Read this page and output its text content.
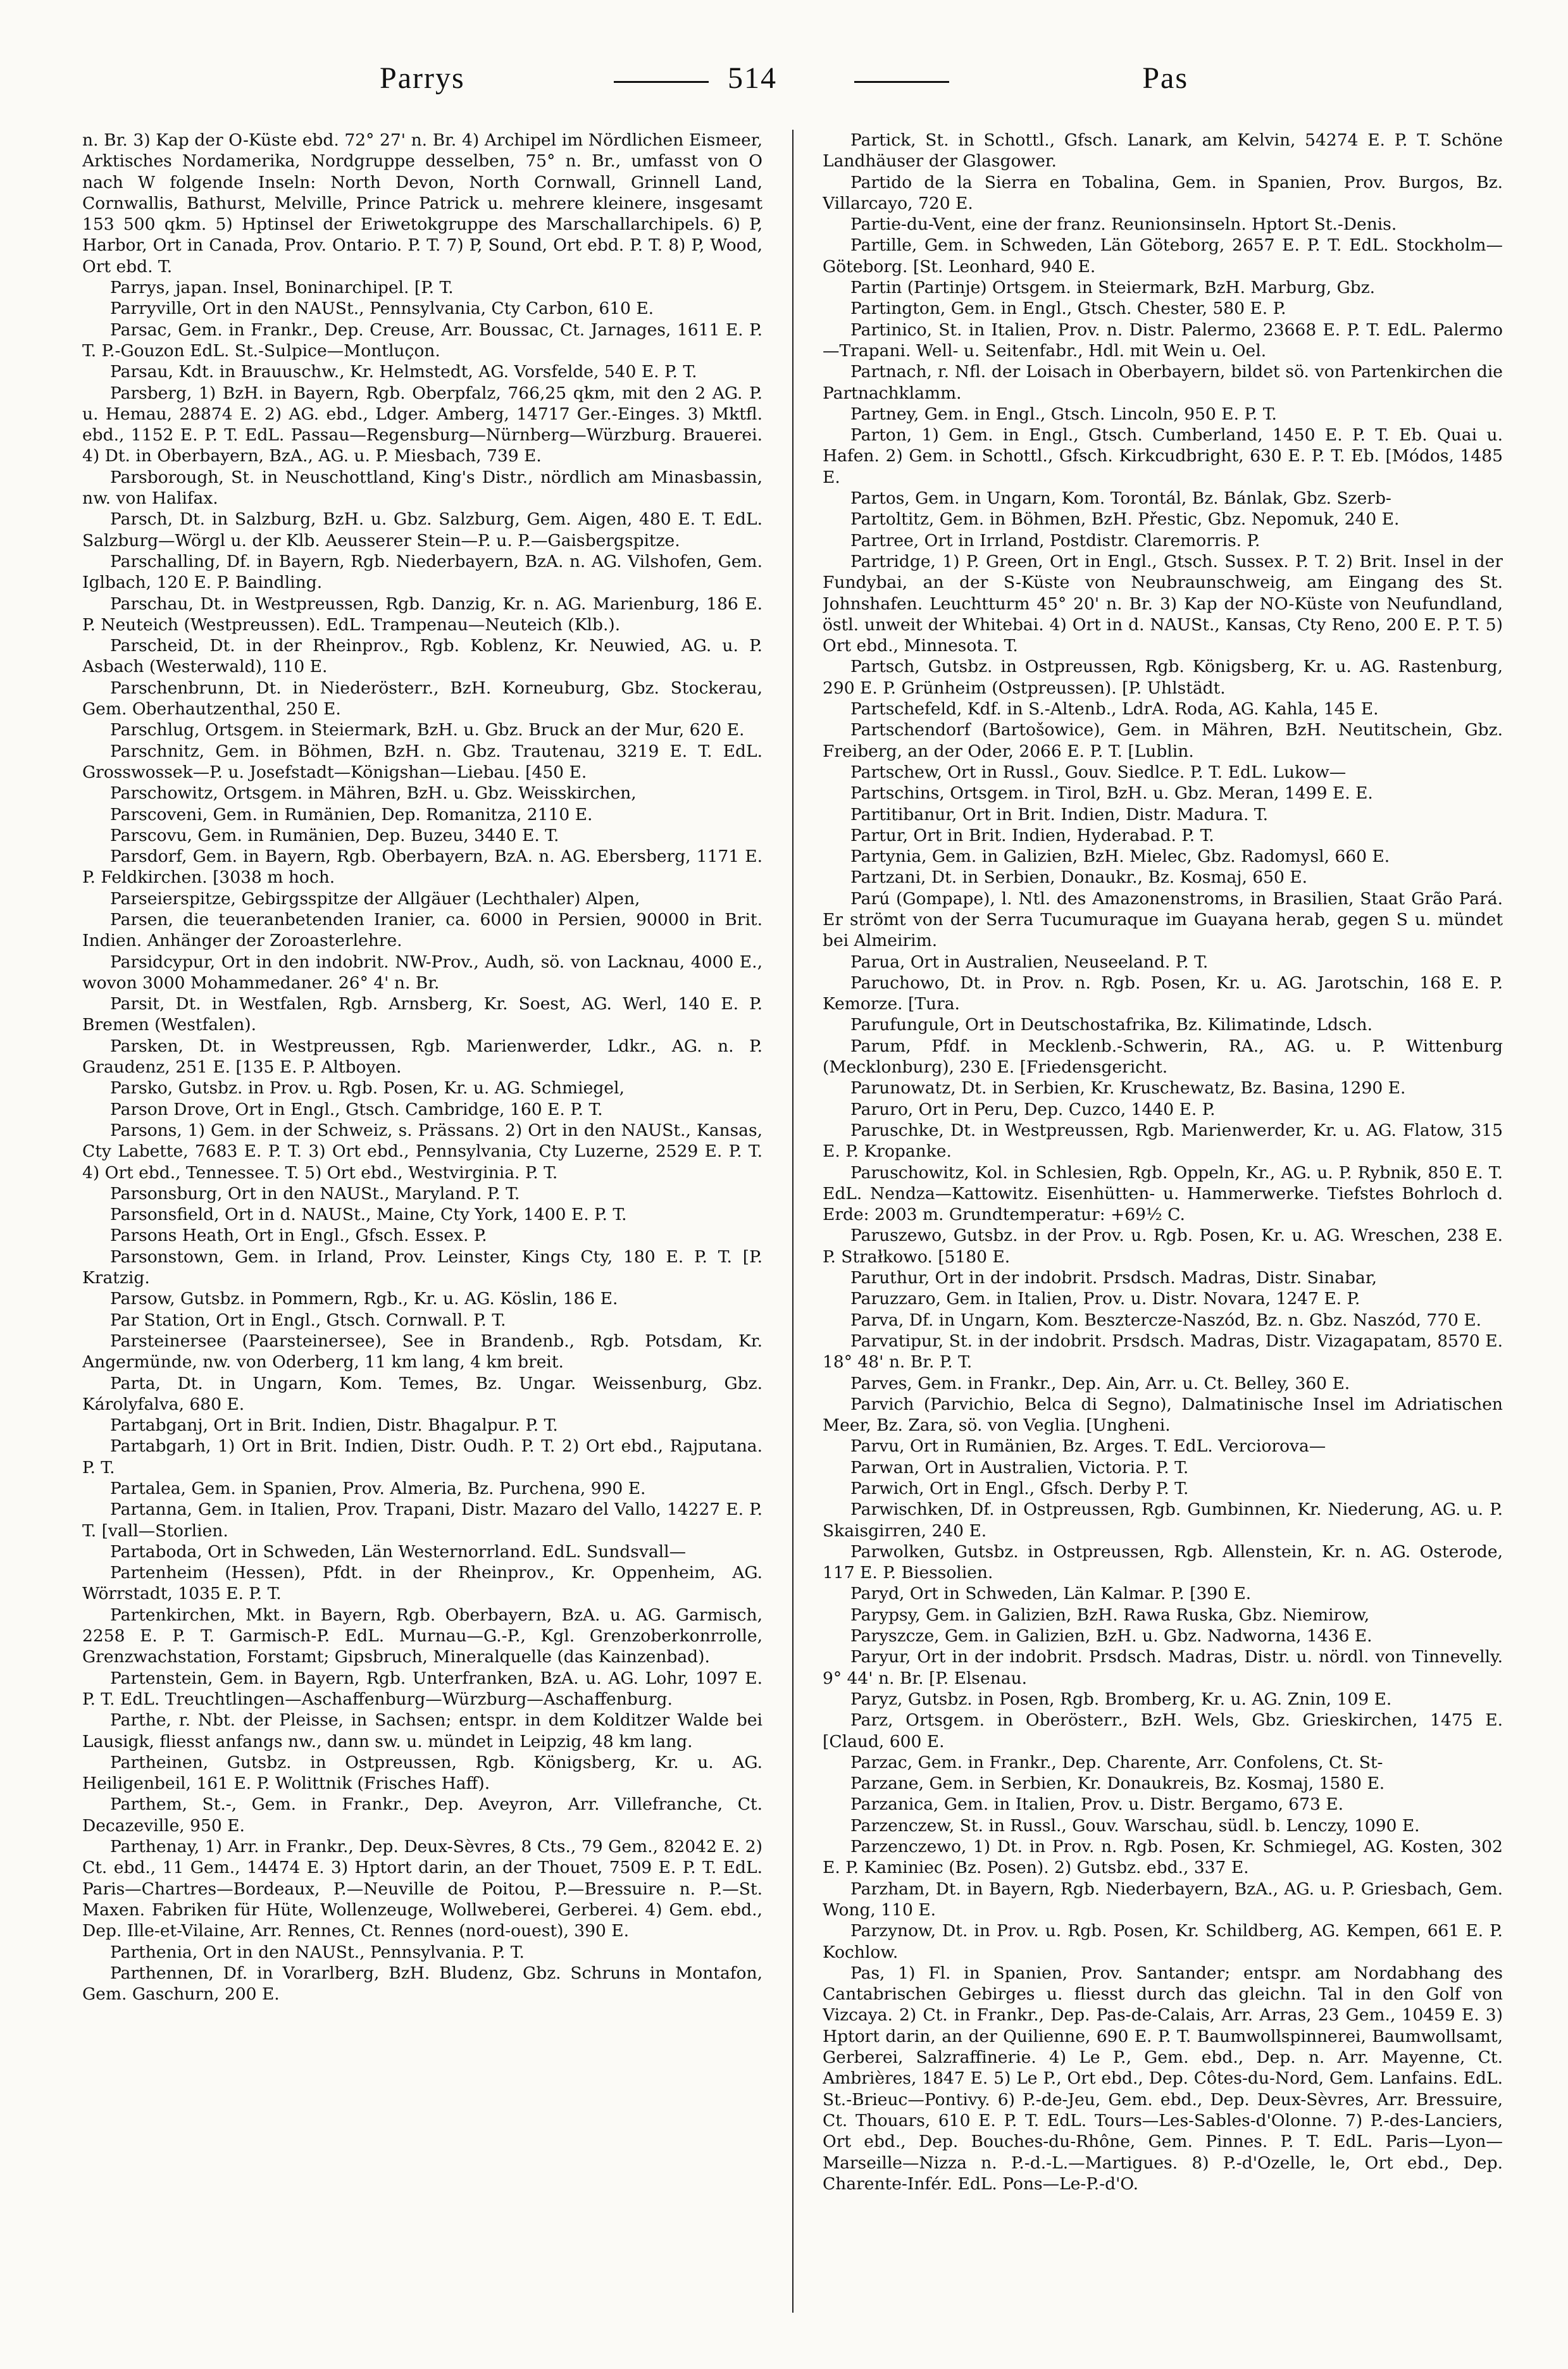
Parrys	514	Pas

n. Br. 3) Kap der O-Küste ebd. 72° 27' n. Br. 4) Archipel im Nördlichen Eismeer, Arktisches Nordamerika, Nordgruppe desselben, 75° n. Br., umfasst von O nach W folgende Inseln: North Devon, North Cornwall, Grinnell Land, Cornwallis, Bathurst, Melville, Prince Patrick u. mehrere kleinere, insgesamt 153 500 qkm. 5) Hptinsel der Eriwetokgruppe des Marschallarchipels. 6) P, Harbor, Ort in Canada, Prov. Ontario. P. T. 7) P, Sound, Ort ebd. P. T. 8) P, Wood, Ort ebd. T.

Parrys, japan. Insel, Boninarchipel. [P. T.

Parryville, Ort in den NAUSt., Pennsylvania, Cty Carbon, 610 E.

Parsac, Gem. in Frankr., Dep. Creuse, Arr. Boussac, Ct. Jarnages, 1611 E. P. T. P.-Gouzon EdL. St.-Sulpice—Montluçon.

Parsau, Kdt. in Brauuschw., Kr. Helmstedt, AG. Vorsfelde, 540 E. P. T.

Parsberg, 1) BzH. in Bayern, Rgb. Oberpfalz, 766,25 qkm, mit den 2 AG. P. u. Hemau, 28874 E. 2) AG. ebd., Ldger. Amberg, 14717 Ger.-Einges. 3) Mktfl. ebd., 1152 E. P. T. EdL. Passau—Regensburg—Nürnberg—Würzburg. Brauerei. 4) Dt. in Oberbayern, BzA., AG. u. P. Miesbach, 739 E.

Parsborough, St. in Neuschottland, King's Distr., nördlich am Minasbassin, nw. von Halifax.

Parsch, Dt. in Salzburg, BzH. u. Gbz. Salzburg, Gem. Aigen, 480 E. T. EdL. Salzburg—Wörgl u. der Klb. Aeusserer Stein—P. u. P.—Gaisbergspitze.

Parschalling, Df. in Bayern, Rgb. Niederbayern, BzA. n. AG. Vilshofen, Gem. Iglbach, 120 E. P. Baindling.

Parschau, Dt. in Westpreussen, Rgb. Danzig, Kr. n. AG. Marienburg, 186 E. P. Neuteich (Westpreussen). EdL. Trampenau—Neuteich (Klb.).

Parscheid, Dt. in der Rheinprov., Rgb. Koblenz, Kr. Neuwied, AG. u. P. Asbach (Westerwald), 110 E.

Parschenbrunn, Dt. in Niederösterr., BzH. Korneuburg, Gbz. Stockerau, Gem. Oberhautzenthal, 250 E.

Parschlug, Ortsgem. in Steiermark, BzH. u. Gbz. Bruck an der Mur, 620 E.

Parschnitz, Gem. in Böhmen, BzH. n. Gbz. Trautenau, 3219 E. T. EdL. Grosswossek—P. u. Josefstadt—Königshan—Liebau. [450 E.

Parschowitz, Ortsgem. in Mähren, BzH. u. Gbz. Weisskirchen,

Parscoveni, Gem. in Rumänien, Dep. Romanitza, 2110 E.

Parscovu, Gem. in Rumänien, Dep. Buzeu, 3440 E. T.

Parsdorf, Gem. in Bayern, Rgb. Oberbayern, BzA. n. AG. Ebersberg, 1171 E. P. Feldkirchen. [3038 m hoch.

Parseierspitze, Gebirgsspitze der Allgäuer (Lechthaler) Alpen,

Parsen, die teueranbetenden Iranier, ca. 6000 in Persien, 90000 in Brit. Indien. Anhänger der Zoroasterlehre.

Parsidcypur, Ort in den indobrit. NW-Prov., Audh, sö. von Lacknau, 4000 E., wovon 3000 Mohammedaner. 26° 4' n. Br.

Parsit, Dt. in Westfalen, Rgb. Arnsberg, Kr. Soest, AG. Werl, 140 E. P. Bremen (Westfalen).

Parsken, Dt. in Westpreussen, Rgb. Marienwerder, Ldkr., AG. n. P. Graudenz, 251 E. [135 E. P. Altboyen.

Parsko, Gutsbz. in Prov. u. Rgb. Posen, Kr. u. AG. Schmiegel,

Parson Drove, Ort in Engl., Gtsch. Cambridge, 160 E. P. T.

Parsons, 1) Gem. in der Schweiz, s. Prässans. 2) Ort in den NAUSt., Kansas, Cty Labette, 7683 E. P. T. 3) Ort ebd., Pennsylvania, Cty Luzerne, 2529 E. P. T. 4) Ort ebd., Tennessee. T. 5) Ort ebd., Westvirginia. P. T.

Parsonsburg, Ort in den NAUSt., Maryland. P. T.

Parsonsfield, Ort in d. NAUSt., Maine, Cty York, 1400 E. P. T.

Parsons Heath, Ort in Engl., Gfsch. Essex. P.

Parsonstown, Gem. in Irland, Prov. Leinster, Kings Cty, 180 E. P. T. [P. Kratzig.

Parsow, Gutsbz. in Pommern, Rgb., Kr. u. AG. Köslin, 186 E.

Par Station, Ort in Engl., Gtsch. Cornwall. P. T.

Parsteinersee (Paarsteinersee), See in Brandenb., Rgb. Potsdam, Kr. Angermünde, nw. von Oderberg, 11 km lang, 4 km breit.

Parta, Dt. in Ungarn, Kom. Temes, Bz. Ungar. Weissenburg, Gbz. Károlyfalva, 680 E.

Partabganj, Ort in Brit. Indien, Distr. Bhagalpur. P. T.

Partabgarh, 1) Ort in Brit. Indien, Distr. Oudh. P. T. 2) Ort ebd., Rajputana. P. T.

Partalea, Gem. in Spanien, Prov. Almeria, Bz. Purchena, 990 E.

Partanna, Gem. in Italien, Prov. Trapani, Distr. Mazaro del Vallo, 14227 E. P. T. [vall—Storlien.

Partaboda, Ort in Schweden, Län Westernorrland. EdL. Sundsvall—

Partenheim (Hessen), Pfdt. in der Rheinprov., Kr. Oppenheim, AG. Wörrstadt, 1035 E. P. T.

Partenkirchen, Mkt. in Bayern, Rgb. Oberbayern, BzA. u. AG. Garmisch, 2258 E. P. T. Garmisch-P. EdL. Murnau—G.-P., Kgl. Grenzoberkonrrolle, Grenzwachstation, Forstamt; Gipsbruch, Mineralquelle (das Kainzenbad).

Partenstein, Gem. in Bayern, Rgb. Unterfranken, BzA. u. AG. Lohr, 1097 E. P. T. EdL. Treuchtlingen—Aschaffenburg—Würzburg—Aschaffenburg.

Parthe, r. Nbt. der Pleisse, in Sachsen; entspr. in dem Kolditzer Walde bei Lausigk, fliesst anfangs nw., dann sw. u. mündet in Leipzig, 48 km lang.

Partheinen, Gutsbz. in Ostpreussen, Rgb. Königsberg, Kr. u. AG. Heiligenbeil, 161 E. P. Wolittnik (Frisches Haff).

Parthem, St.-, Gem. in Frankr., Dep. Aveyron, Arr. Villefranche, Ct. Decazeville, 950 E.

Parthenay, 1) Arr. in Frankr., Dep. Deux-Sèvres, 8 Cts., 79 Gem., 82042 E. 2) Ct. ebd., 11 Gem., 14474 E. 3) Hptort darin, an der Thouet, 7509 E. P. T. EdL. Paris—Chartres—Bordeaux, P.—Neuville de Poitou, P.—Bressuire n. P.—St. Maxen. Fabriken für Hüte, Wollenzeuge, Wollweberei, Gerberei. 4) Gem. ebd., Dep. Ille-et-Vilaine, Arr. Rennes, Ct. Rennes (nord-ouest), 390 E.

Parthenia, Ort in den NAUSt., Pennsylvania. P. T.

Parthennen, Df. in Vorarlberg, BzH. Bludenz, Gbz. Schruns in Montafon, Gem. Gaschurn, 200 E.

Partick, St. in Schottl., Gfsch. Lanark, am Kelvin, 54274 E. P. T. Schöne Landhäuser der Glasgower.

Partido de la Sierra en Tobalina, Gem. in Spanien, Prov. Burgos, Bz. Villarcayo, 720 E.

Partie-du-Vent, eine der franz. Reunionsinseln. Hptort St.-Denis.

Partille, Gem. in Schweden, Län Göteborg, 2657 E. P. T. EdL. Stockholm—Göteborg. [St. Leonhard, 940 E.

Partin (Partinje) Ortsgem. in Steiermark, BzH. Marburg, Gbz.

Partington, Gem. in Engl., Gtsch. Chester, 580 E. P.

Partinico, St. in Italien, Prov. n. Distr. Palermo, 23668 E. P. T. EdL. Palermo—Trapani. Well- u. Seitenfabr., Hdl. mit Wein u. Oel.

Partnach, r. Nfl. der Loisach in Oberbayern, bildet sö. von Partenkirchen die Partnachklamm.

Partney, Gem. in Engl., Gtsch. Lincoln, 950 E. P. T.

Parton, 1) Gem. in Engl., Gtsch. Cumberland, 1450 E. P. T. Eb. Quai u. Hafen. 2) Gem. in Schottl., Gfsch. Kirkcudbright, 630 E. P. T. Eb. [Módos, 1485 E.

Partos, Gem. in Ungarn, Kom. Torontál, Bz. Bánlak, Gbz. Szerb-

Partoltitz, Gem. in Böhmen, BzH. Přestic, Gbz. Nepomuk, 240 E.

Partree, Ort in Irrland, Postdistr. Claremorris. P.

Partridge, 1) P. Green, Ort in Engl., Gtsch. Sussex. P. T. 2) Brit. Insel in der Fundybai, an der S-Küste von Neubraunschweig, am Eingang des St. Johnshafen. Leuchtturm 45° 20' n. Br. 3) Kap der NO-Küste von Neufundland, östl. unweit der Whitebai. 4) Ort in d. NAUSt., Kansas, Cty Reno, 200 E. P. T. 5) Ort ebd., Minnesota. T.

Partsch, Gutsbz. in Ostpreussen, Rgb. Königsberg, Kr. u. AG. Rastenburg, 290 E. P. Grünheim (Ostpreussen). [P. Uhlstädt.

Partschefeld, Kdf. in S.-Altenb., LdrA. Roda, AG. Kahla, 145 E.

Partschendorf (Bartošowice), Gem. in Mähren, BzH. Neutitschein, Gbz. Freiberg, an der Oder, 2066 E. P. T. [Lublin.

Partschew, Ort in Russl., Gouv. Siedlce. P. T. EdL. Lukow—

Partschins, Ortsgem. in Tirol, BzH. u. Gbz. Meran, 1499 E. E.

Partitibanur, Ort in Brit. Indien, Distr. Madura. T.

Partur, Ort in Brit. Indien, Hyderabad. P. T.

Partynia, Gem. in Galizien, BzH. Mielec, Gbz. Radomysl, 660 E.

Partzani, Dt. in Serbien, Donaukr., Bz. Kosmaj, 650 E.

Parú (Gompape), l. Ntl. des Amazonenstroms, in Brasilien, Staat Grão Pará. Er strömt von der Serra Tucumuraque im Guayana herab, gegen S u. mündet bei Almeirim.

Parua, Ort in Australien, Neuseeland. P. T.

Paruchowo, Dt. in Prov. n. Rgb. Posen, Kr. u. AG. Jarotschin, 168 E. P. Kemorze. [Tura.

Parufungule, Ort in Deutschostafrika, Bz. Kilimatinde, Ldsch.

Parum, Pfdf. in Mecklenb.-Schwerin, RA., AG. u. P. Wittenburg (Mecklonburg), 230 E. [Friedensgericht.

Parunowatz, Dt. in Serbien, Kr. Kruschewatz, Bz. Basina, 1290 E.

Paruro, Ort in Peru, Dep. Cuzco, 1440 E. P.

Paruschke, Dt. in Westpreussen, Rgb. Marienwerder, Kr. u. AG. Flatow, 315 E. P. Kropanke.

Paruschowitz, Kol. in Schlesien, Rgb. Oppeln, Kr., AG. u. P. Rybnik, 850 E. T. EdL. Nendza—Kattowitz. Eisenhütten- u. Hammerwerke. Tiefstes Bohrloch d. Erde: 2003 m. Grundtemperatur: +69½ C.

Paruszewo, Gutsbz. in der Prov. u. Rgb. Posen, Kr. u. AG. Wreschen, 238 E. P. Strałkowo. [5180 E.

Paruthur, Ort in der indobrit. Prsdsch. Madras, Distr. Sinabar,

Paruzzaro, Gem. in Italien, Prov. u. Distr. Novara, 1247 E. P.

Parva, Df. in Ungarn, Kom. Besztercze-Naszód, Bz. n. Gbz. Naszód, 770 E.

Parvatipur, St. in der indobrit. Prsdsch. Madras, Distr. Vizagapatam, 8570 E. 18° 48' n. Br. P. T.

Parves, Gem. in Frankr., Dep. Ain, Arr. u. Ct. Belley, 360 E.

Parvich (Parvichio, Belca di Segno), Dalmatinische Insel im Adriatischen Meer, Bz. Zara, sö. von Veglia. [Ungheni.

Parvu, Ort in Rumänien, Bz. Arges. T. EdL. Verciorova—

Parwan, Ort in Australien, Victoria. P. T.

Parwich, Ort in Engl., Gfsch. Derby P. T.

Parwischken, Df. in Ostpreussen, Rgb. Gumbinnen, Kr. Niederung, AG. u. P. Skaisgirren, 240 E.

Parwolken, Gutsbz. in Ostpreussen, Rgb. Allenstein, Kr. n. AG. Osterode, 117 E. P. Biessolien.

Paryd, Ort in Schweden, Län Kalmar. P. [390 E.

Parypsy, Gem. in Galizien, BzH. Rawa Ruska, Gbz. Niemirow,

Paryszcze, Gem. in Galizien, BzH. u. Gbz. Nadworna, 1436 E.

Paryur, Ort in der indobrit. Prsdsch. Madras, Distr. u. nördl. von Tinnevelly. 9° 44' n. Br. [P. Elsenau.

Paryz, Gutsbz. in Posen, Rgb. Bromberg, Kr. u. AG. Znin, 109 E.

Parz, Ortsgem. in Oberösterr., BzH. Wels, Gbz. Grieskirchen, 1475 E. [Claud, 600 E.

Parzac, Gem. in Frankr., Dep. Charente, Arr. Confolens, Ct. St-

Parzane, Gem. in Serbien, Kr. Donaukreis, Bz. Kosmaj, 1580 E.

Parzanica, Gem. in Italien, Prov. u. Distr. Bergamo, 673 E.

Parzenczew, St. in Russl., Gouv. Warschau, südl. b. Lenczy, 1090 E.

Parzenczewo, 1) Dt. in Prov. n. Rgb. Posen, Kr. Schmiegel, AG. Kosten, 302 E. P. Kaminiec (Bz. Posen). 2) Gutsbz. ebd., 337 E.

Parzham, Dt. in Bayern, Rgb. Niederbayern, BzA., AG. u. P. Griesbach, Gem. Wong, 110 E.

Parzynow, Dt. in Prov. u. Rgb. Posen, Kr. Schildberg, AG. Kempen, 661 E. P. Kochlow.

Pas, 1) Fl. in Spanien, Prov. Santander; entspr. am Nordabhang des Cantabrischen Gebirges u. fliesst durch das gleichn. Tal in den Golf von Vizcaya. 2) Ct. in Frankr., Dep. Pas-de-Calais, Arr. Arras, 23 Gem., 10459 E. 3) Hptort darin, an der Quilienne, 690 E. P. T. Baumwollspinnerei, Baumwollsamt, Gerberei, Salzraffinerie. 4) Le P., Gem. ebd., Dep. n. Arr. Mayenne, Ct. Ambrières, 1847 E. 5) Le P., Ort ebd., Dep. Côtes-du-Nord, Gem. Lanfains. EdL. St.-Brieuc—Pontivy. 6) P.-de-Jeu, Gem. ebd., Dep. Deux-Sèvres, Arr. Bressuire, Ct. Thouars, 610 E. P. T. EdL. Tours—Les-Sables-d'Olonne. 7) P.-des-Lanciers, Ort ebd., Dep. Bouches-du-Rhône, Gem. Pinnes. P. T. EdL. Paris—Lyon—Marseille—Nizza n. P.-d.-L.—Martigues. 8) P.-d'Ozelle, le, Ort ebd., Dep. Charente-Infér. EdL. Pons—Le-P.-d'O.
